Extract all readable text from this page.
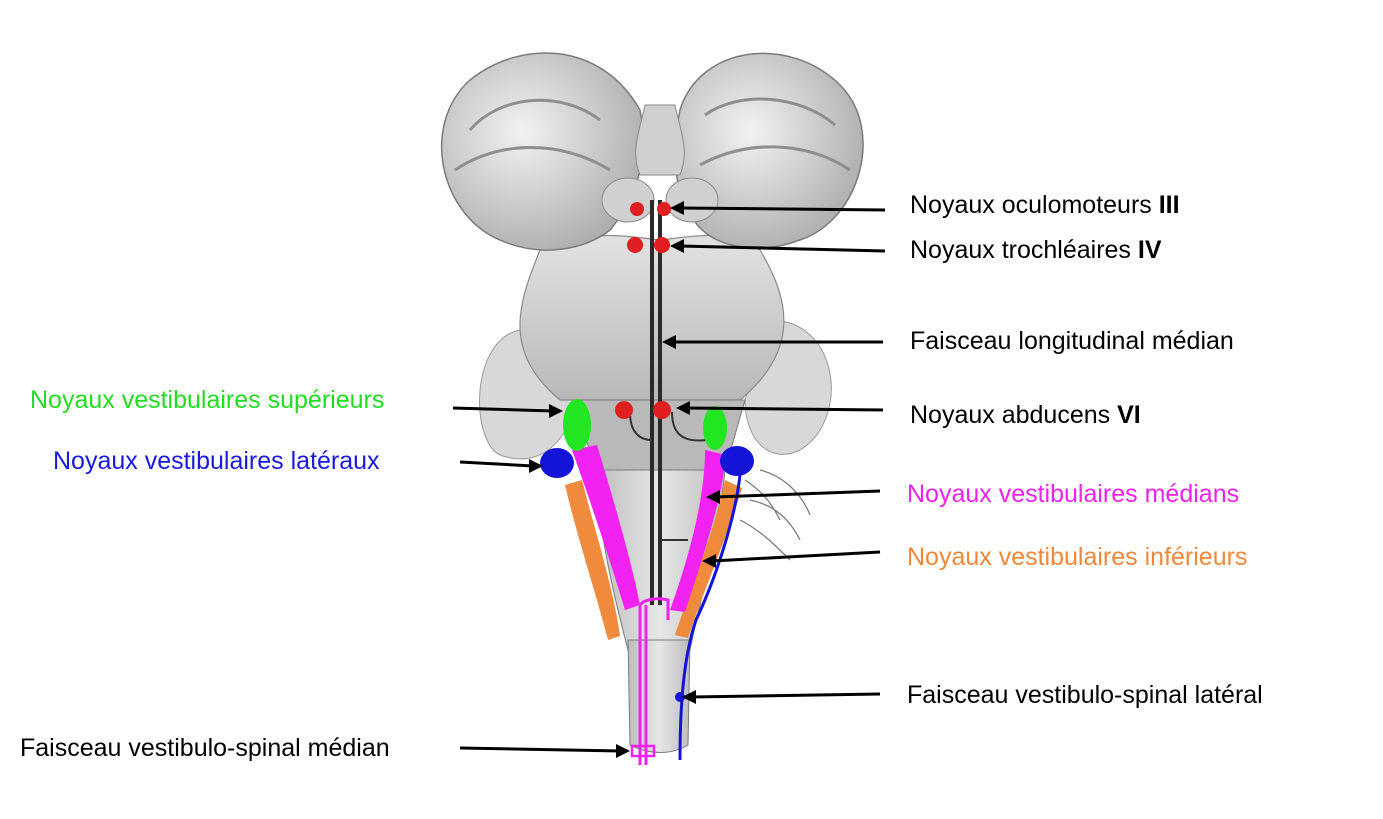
Noyaux oculomoteurs III
Noyaux trochléaires IV
Faisceau longitudinal médian
Noyaux abducens VI
Noyaux vestibulaires supérieurs
Noyaux vestibulaires latéraux
Noyaux vestibulaires médians
Noyaux vestibulaires inférieurs
Faisceau vestibulo-spinal latéral
Faisceau vestibulo-spinal médian
